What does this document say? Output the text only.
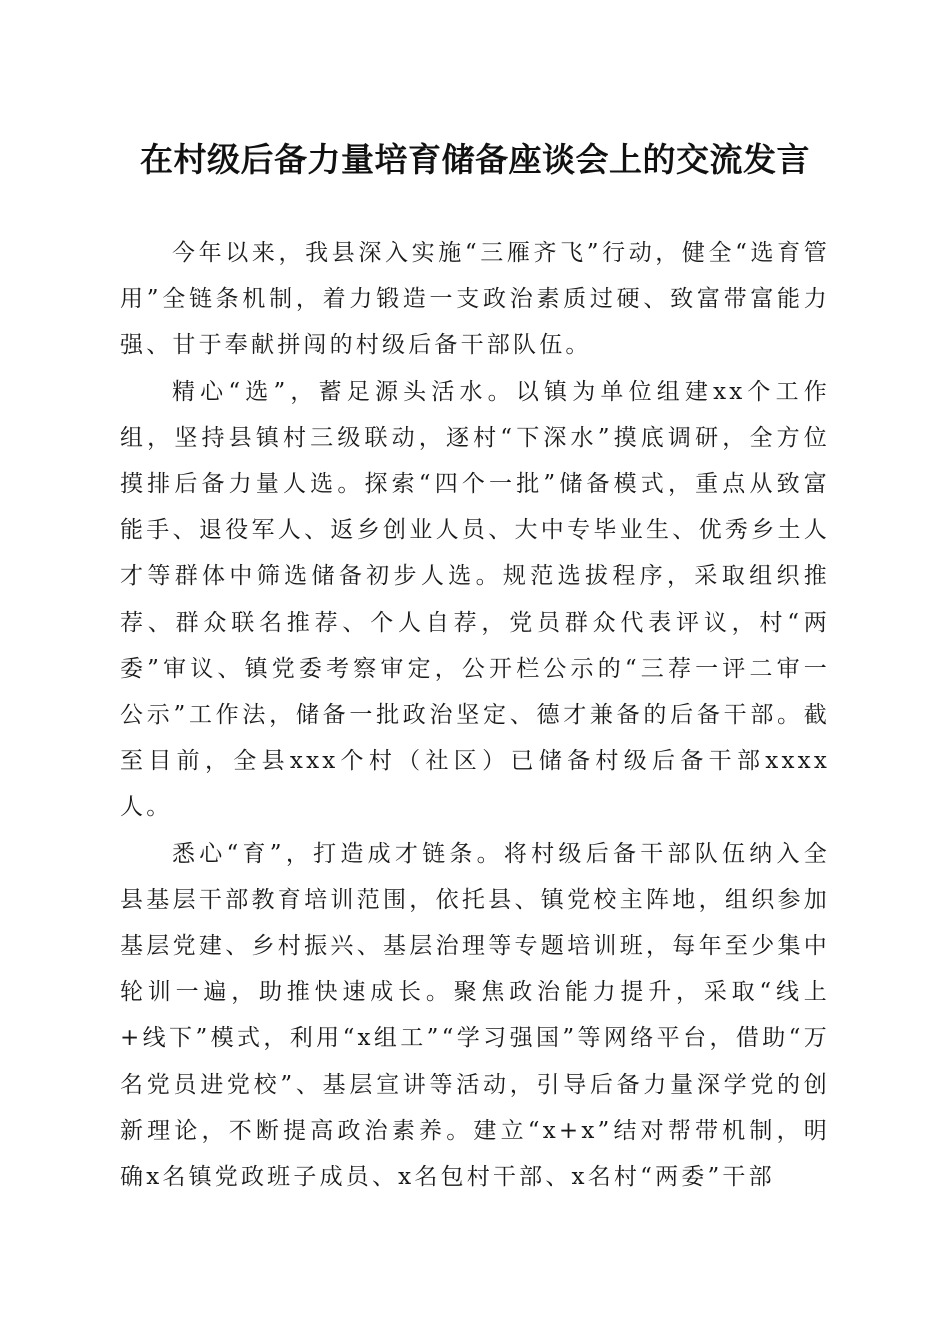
在村级后备力量培育储备座谈会上的交流发言

今年以来，我县深入实施“三雁齐飞”行动，健全“选育管用”全链条机制，着力锻造一支政治素质过硬、致富带富能力强、甘于奉献拼闯的村级后备干部队伍。

精心“选”，蓄足源头活水。以镇为单位组建xx个工作组，坚持县镇村三级联动，逐村“下深水”摸底调研，全方位摸排后备力量人选。探索“四个一批”储备模式，重点从致富能手、退役军人、返乡创业人员、大中专毕业生、优秀乡土人才等群体中筛选储备初步人选。规范选拔程序，采取组织推荐、群众联名推荐、个人自荐，党员群众代表评议，村“两委”审议、镇党委考察审定，公开栏公示的“三荐一评二审一公示”工作法，储备一批政治坚定、德才兼备的后备干部。截至目前，全县xxx个村（社区）已储备村级后备干部xxxx人。

悉心“育”，打造成才链条。将村级后备干部队伍纳入全县基层干部教育培训范围，依托县、镇党校主阵地，组织参加基层党建、乡村振兴、基层治理等专题培训班，每年至少集中轮训一遍，助推快速成长。聚焦政治能力提升，采取“线上+线下”模式，利用“x组工”“学习强国”等网络平台，借助“万名党员进党校”、基层宣讲等活动，引导后备力量深学党的创新理论，不断提高政治素养。建立“x+x”结对帮带机制，明确x名镇党政班子成员、x名包村干部、x名村“两委”干部
